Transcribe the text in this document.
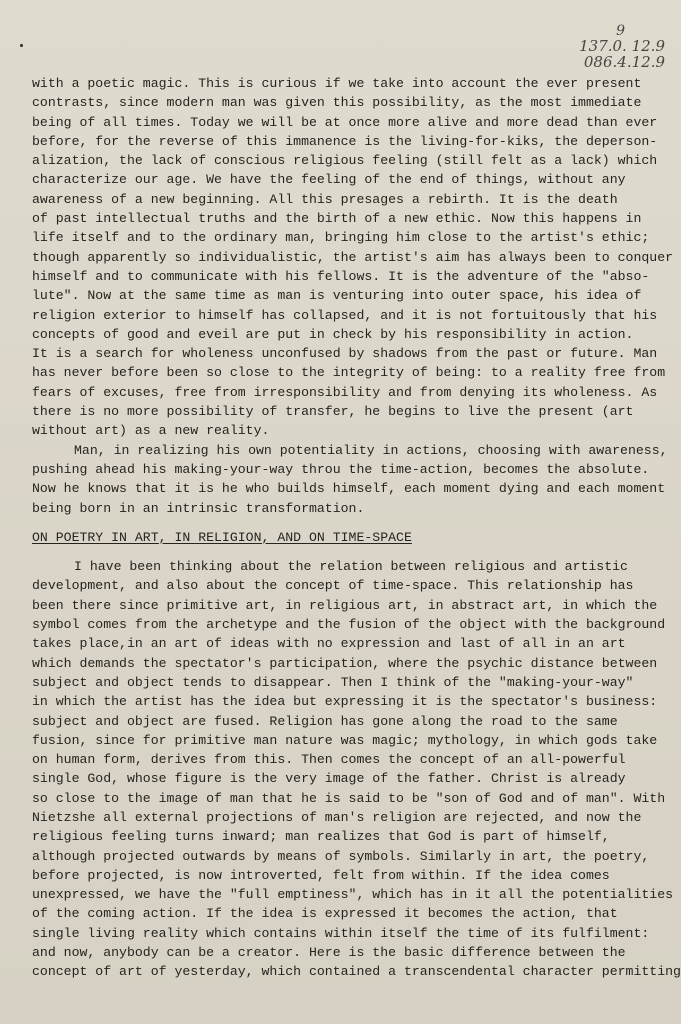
9
137.0. 12.9
086.4.12.9
with a poetic magic. This is curious if we take into account the ever present
contrasts, since modern man was given this possibility, as the most immediate
being of all times. Today we will be at once more alive and more dead than ever
before, for the reverse of this immanence is the living-for-kiks, the deperson-
alization, the lack of conscious religious feeling (still felt as a lack) which
characterize our age. We have the feeling of the end of things, without any
awareness of a new beginning. All this presages a rebirth. It is the death
of past intellectual truths and the birth of a new ethic. Now this happens in
life itself and to the ordinary man, bringing him close to the artist's ethic;
though apparently so individualistic, the artist's aim has always been to conquer
himself and to communicate with his fellows. It is the adventure of the "abso-
lute". Now at the same time as man is venturing into outer space, his idea of
religion exterior to himself has collapsed, and it is not fortuitously that his
concepts of good and eveil are put in check by his responsibility in action.
It is a search for wholeness unconfused by shadows from the past or future. Man
has never before been so close to the integrity of being: to a reality free from
fears of excuses, free from irresponsibility and from denying its wholeness. As
there is no more possibility of transfer, he begins to live the present (art
without art) as a new reality.
Man, in realizing his own potentiality in actions, choosing with awareness,
pushing ahead his making-your-way throu the time-action, becomes the absolute.
Now he knows that it is he who builds himself, each moment dying and each moment
being born in an intrinsic transformation.
ON POETRY IN ART, IN RELIGION, AND ON TIME-SPACE
I have been thinking about the relation between religious and artistic
development, and also about the concept of time-space. This relationship has
been there since primitive art, in religious art, in abstract art, in which the
symbol comes from the archetype and the fusion of the object with the background
takes place,in an art of ideas with no expression and last of all in an art
which demands the spectator's participation, where the psychic distance between
subject and object tends to disappear. Then I think of the "making-your-way"
in which the artist has the idea but expressing it is the spectator's business:
subject and object are fused. Religion has gone along the road to the same
fusion, since for primitive man nature was magic; mythology, in which gods take
on human form, derives from this. Then comes the concept of an all-powerful
single God, whose figure is the very image of the father. Christ is already
so close to the image of man that he is said to be "son of God and of man". With
Nietzshe all external projections of man's religion are rejected, and now the
religious feeling turns inward; man realizes that God is part of himself,
although projected outwards by means of symbols. Similarly in art, the poetry,
before projected, is now introverted, felt from within. If the idea comes
unexpressed, we have the "full emptiness", which has in it all the potentialities
of the coming action. If the idea is expressed it becomes the action, that
single living reality which contains within itself the time of its fulfilment:
and now, anybody can be a creator. Here is the basic difference between the
concept of art of yesterday, which contained a transcendental character permitting
